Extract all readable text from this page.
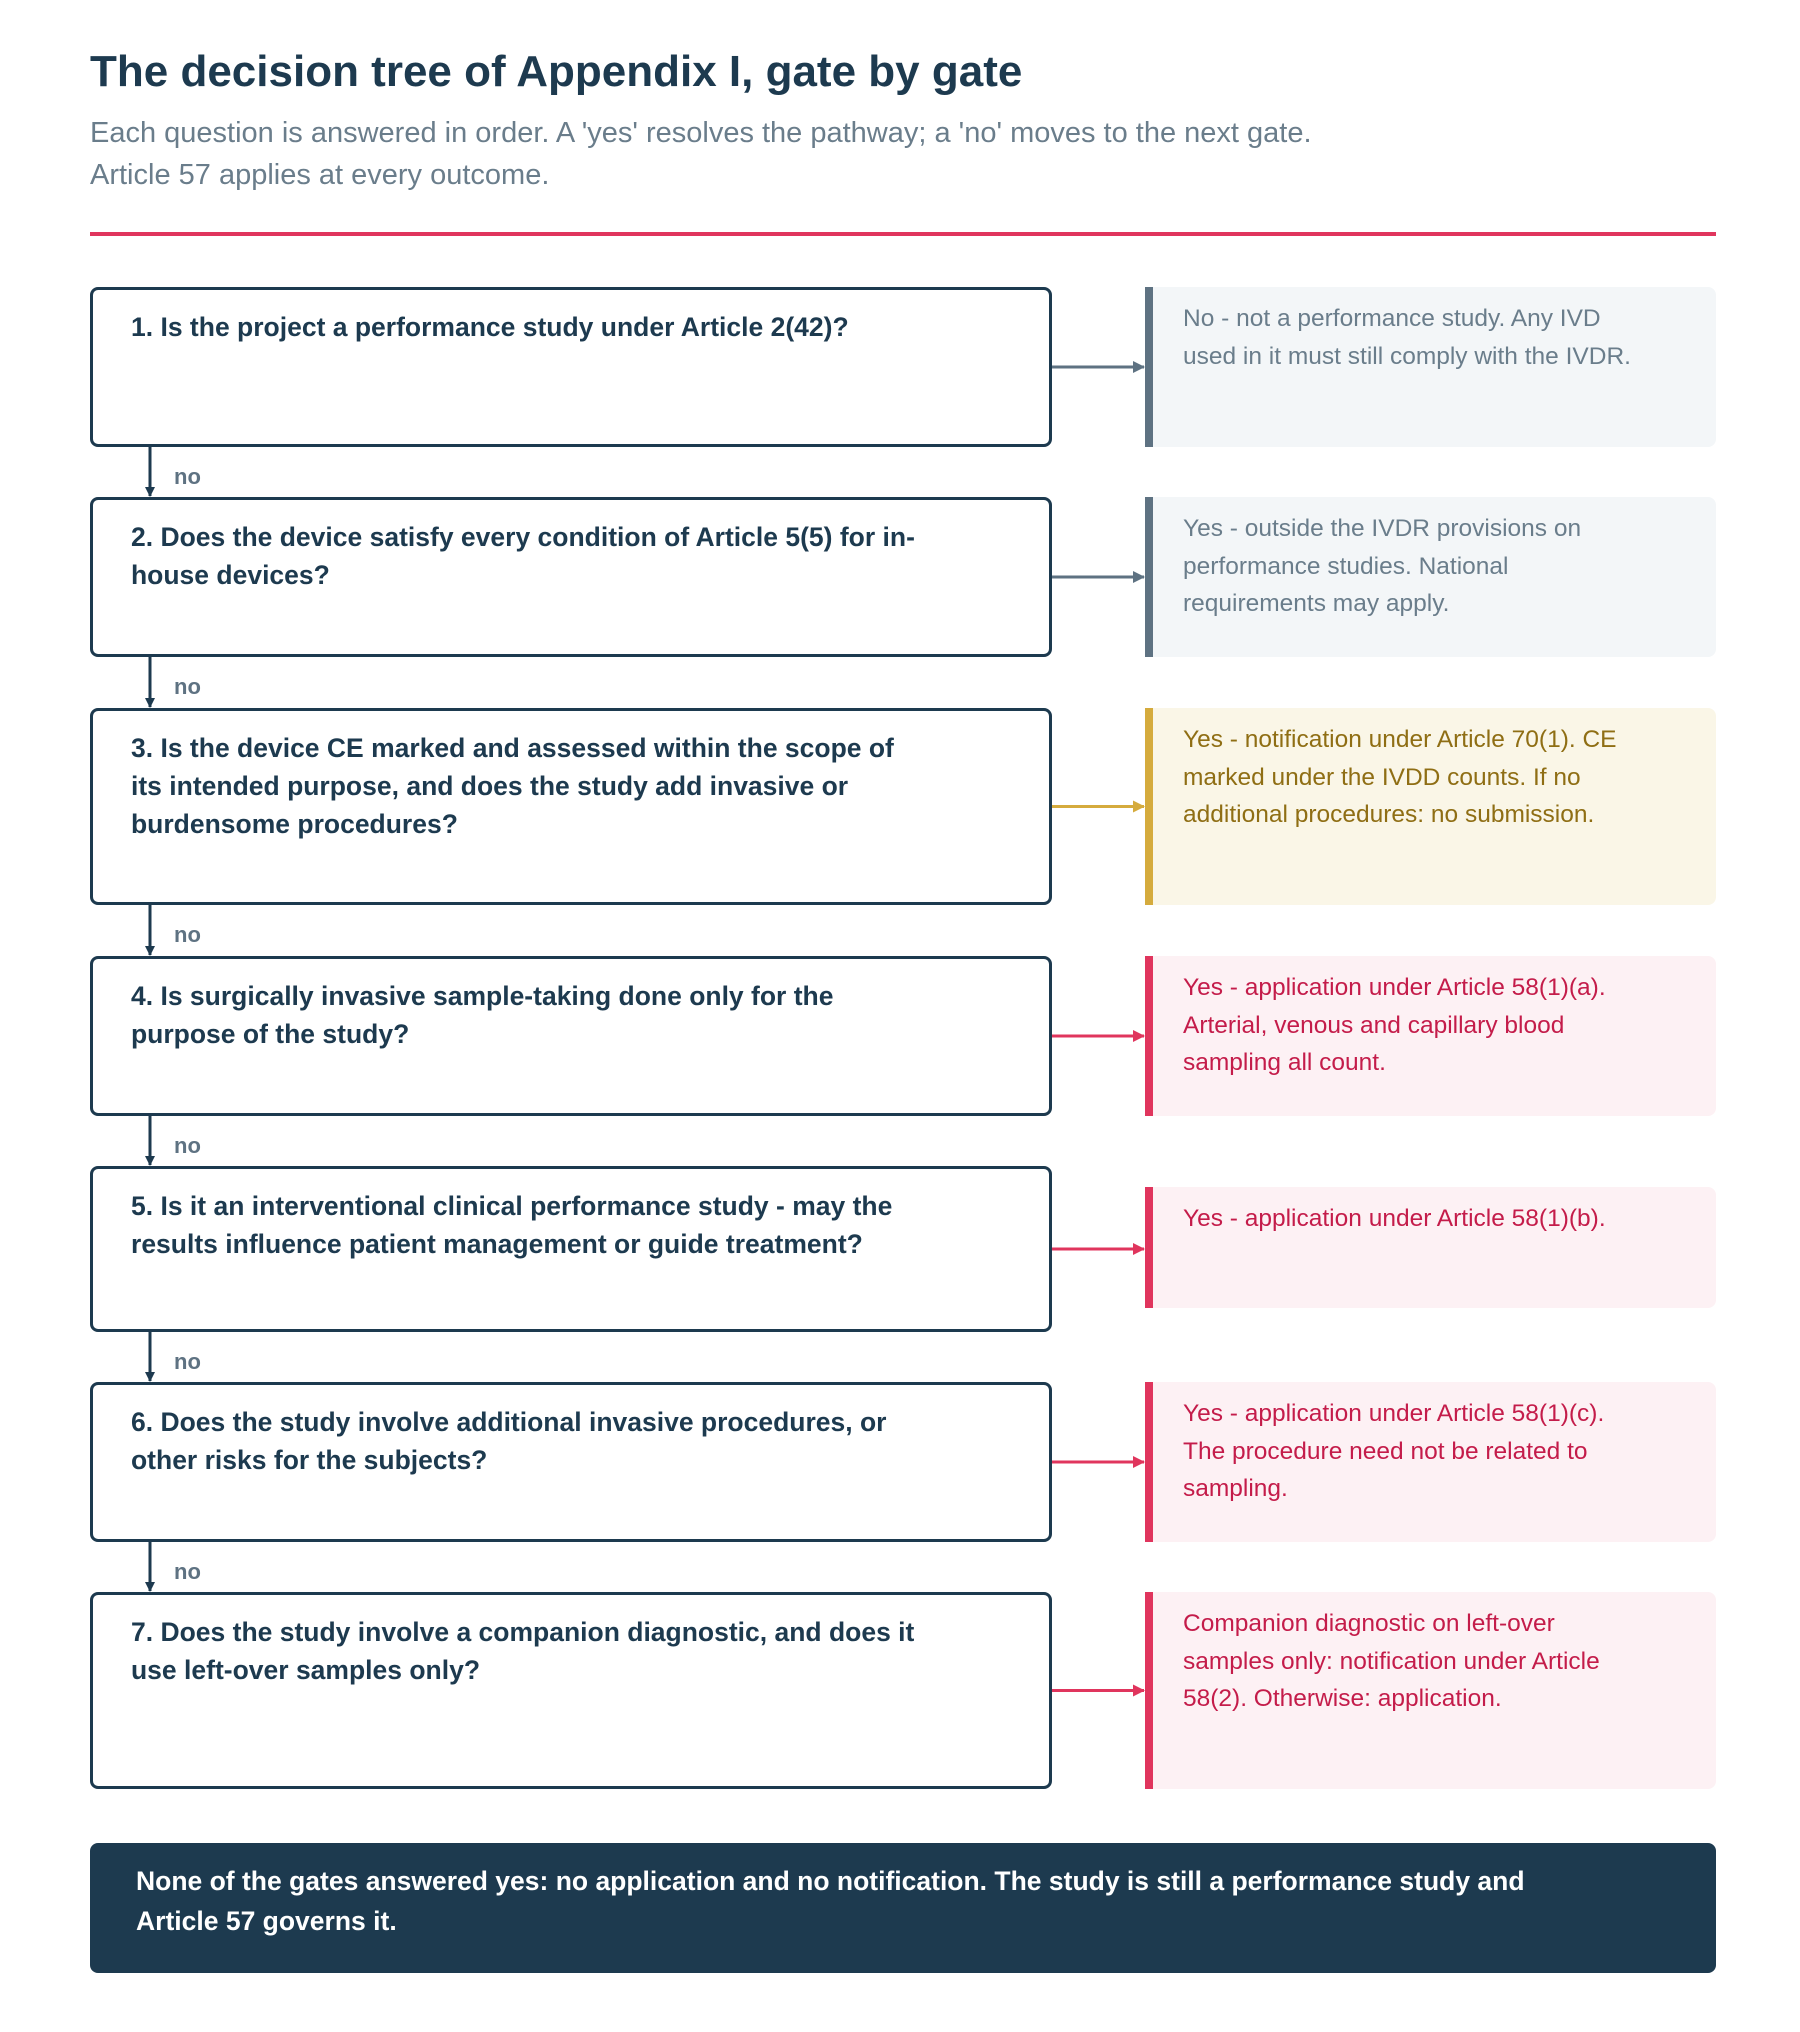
The decision tree of Appendix I, gate by gate

Each question is answered in order. A 'yes' resolves the pathway; a 'no' moves to the next gate. Article 57 applies at every outcome.

1. Is the project a performance study under Article 2(42)?	No - not a performance study. Any IVD used in it must still comply with the IVDR.
no
2. Does the device satisfy every condition of Article 5(5) for in-house devices?
Yes - outside the IVDR provisions on performance studies. National requirements may apply.
no
3. Is the device CE marked and assessed within the scope of its intended purpose, and does the study add invasive or burdensome procedures?
Yes - notification under Article 70(1). CE marked under the IVDD counts. If no additional procedures: no submission.
no
4. Is surgically invasive sample-taking done only for the purpose of the study?
Yes - application under Article 58(1)(a). Arterial, venous and capillary blood sampling all count.
no
5. Is it an interventional clinical performance study - may the results influence patient management or guide treatment?
Yes - application under Article 58(1)(b).
no
6. Does the study involve additional invasive procedures, or other risks for the subjects?
Yes - application under Article 58(1)(c). The procedure need not be related to sampling.
no
7. Does the study involve a companion diagnostic, and does it use left-over samples only?
Companion diagnostic on left-over samples only: notification under Article 58(2). Otherwise: application.
None of the gates answered yes: no application and no notification. The study is still a performance study and Article 57 governs it.
